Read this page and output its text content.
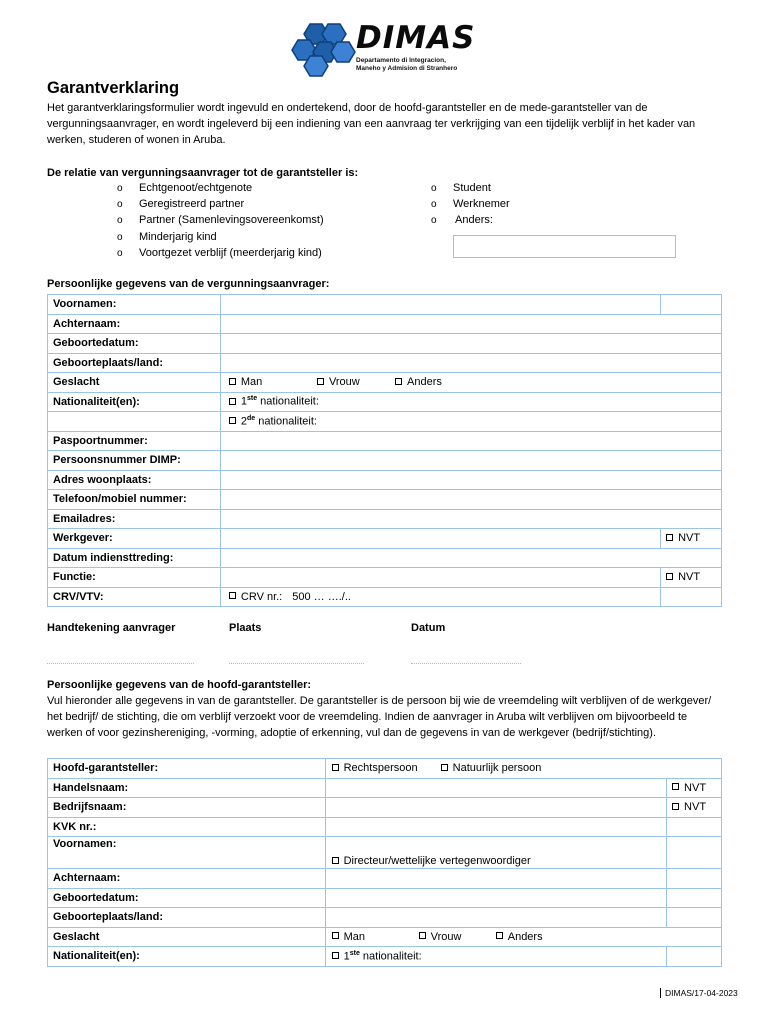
DIMAS
Departamento di Integracion,
Maneho y Admision di Stranhero
Garantverklaring

Het garantverklaringsformulier wordt ingevuld en ondertekend, door de hoofd-garantsteller en de mede-garantsteller van de vergunningsaanvrager, en wordt ingeleverd bij een indiening van een aanvraag ter verkrijging van een tijdelijk verblijf in het kader van werken, studeren of wonen in Aruba.

De relatie van vergunningsaanvrager tot de garantsteller is:
o Echtgenoot/echtgenote
o Geregistreerd partner
o Partner (Samenlevingsovereenkomst)
o Minderjarig kind
o Voortgezet verblijf (meerderjarig kind)
o Student
o Werknemer
o Anders:
Persoonlijke gegevens van de vergunningsaanvrager:
Voornamen:		
Achternaam:		
Geboortedatum:		
Geboorteplaats/land:		
Geslacht	Man Vrouw Anders	
Nationaliteit(en):	1ste nationaliteit:	
	2de nationaliteit:	
Paspoortnummer:		
Persoonsnummer DIMP:		
Adres woonplaats:		
Telefoon/mobiel nummer:		
Emailadres:		
Werkgever:		NVT
Datum indiensttreding:		
Functie:		NVT
CRV/VTV:	CRV nr.: 500 … …./..	
Handtekening aanvrager	Plaats	Datum
Persoonlijke gegevens van de hoofd-garantsteller:

Vul hieronder alle gegevens in van de garantsteller. De garantsteller is de persoon bij wie de vreemdeling wilt verblijven of de werkgever/ het bedrijf/ de stichting, die om verblijf verzoekt voor de vreemdeling. Indien de aanvrager in Aruba wilt verblijven om bijvoorbeeld te werken of voor gezinshereniging, -vorming, adoptie of erkenning, vul dan de gegevens in van de werkgever (bedrijf/stichting).

Hoofd-garantsteller:	Rechtspersoon Natuurlijk persoon	
Handelsnaam:		NVT
Bedrijfsnaam:		NVT
KVK nr.:		
Voornamen:	Directeur/wettelijke vertegenwoordiger	
Achternaam:		
Geboortedatum:		
Geboorteplaats/land:		
Geslacht	Man Vrouw Anders	
Nationaliteit(en):	1ste nationaliteit:	
DIMAS/17-04-2023
